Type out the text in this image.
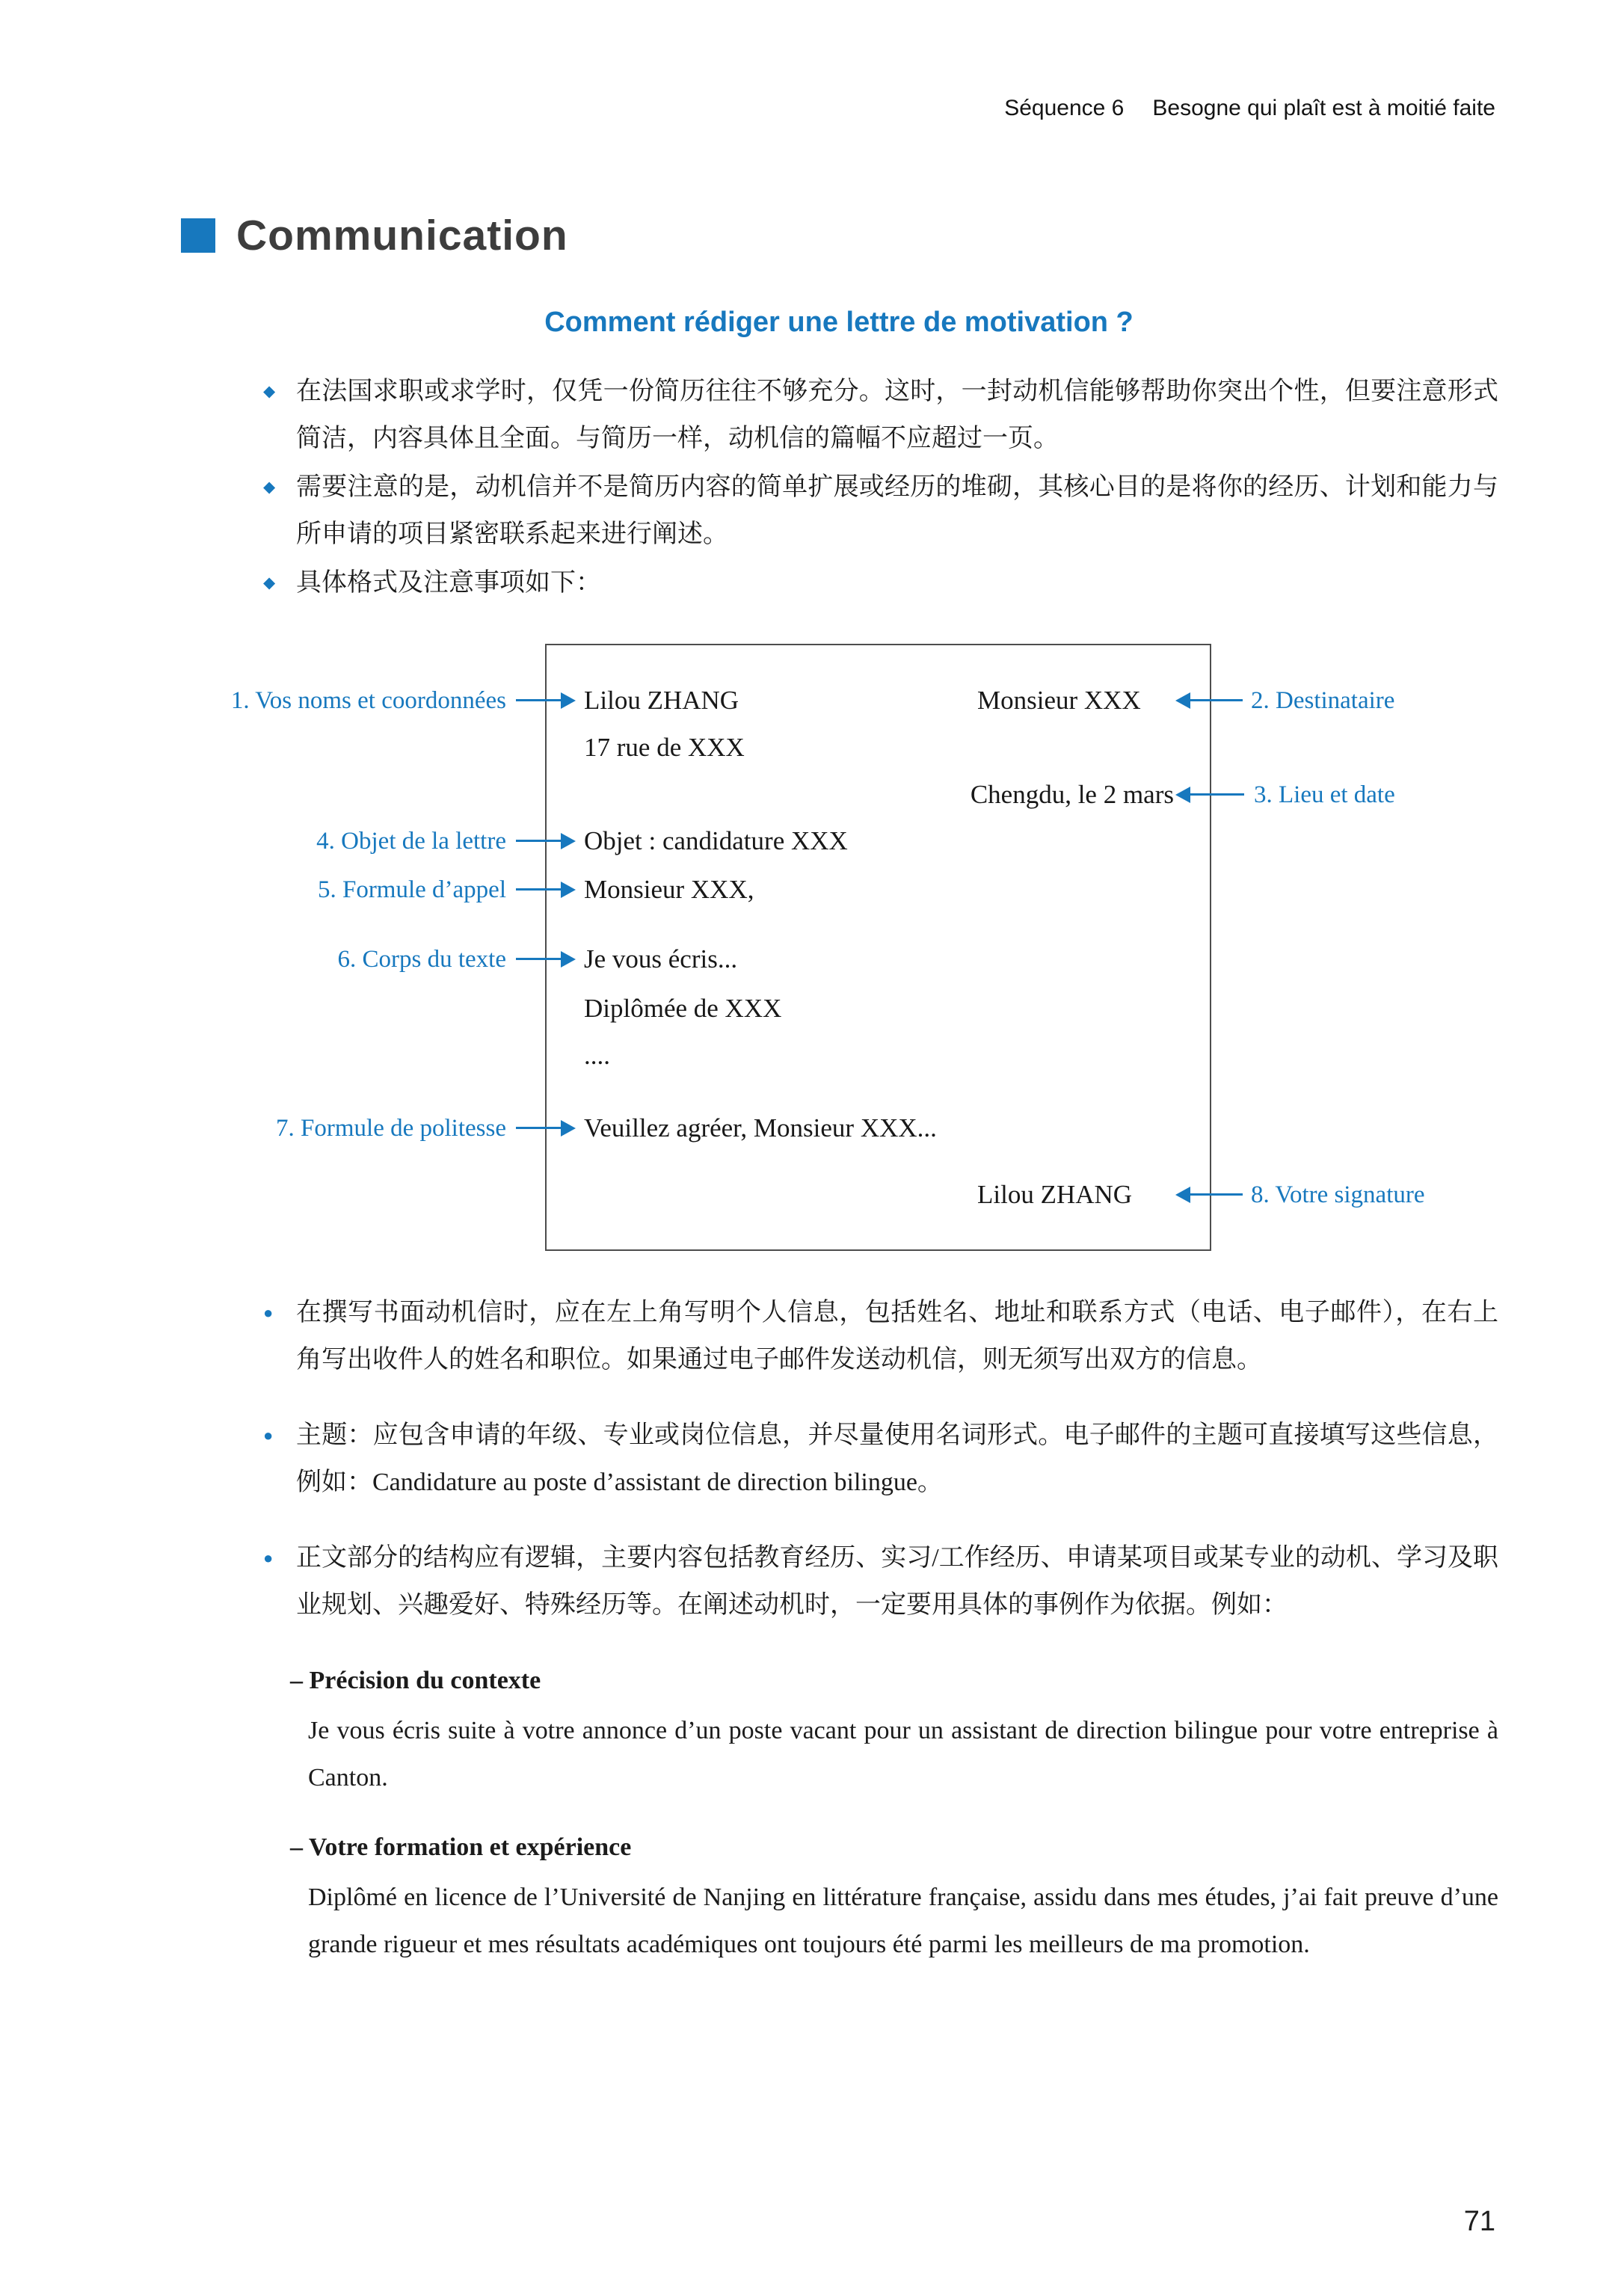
Séquence 6 Besogne qui plaît est à moitié faite
Communication
Comment rédiger une lettre de motivation ?
◆
在法国求职或求学时，仅凭一份简历往往不够充分。这时，一封动机信能够帮助你突出个性，但要注意形式简洁，内容具体且全面。与简历一样，动机信的篇幅不应超过一页。
◆
需要注意的是，动机信并不是简历内容的简单扩展或经历的堆砌，其核心目的是将你的经历、计划和能力与所申请的项目紧密联系起来进行阐述。
◆
具体格式及注意事项如下：
Lilou ZHANG	Monsieur XXX
17 rue de XXX
Chengdu, le 2 mars
Objet : candidature XXX
Monsieur XXX,
Je vous écris...
Diplômée de XXX
....
Veuillez agréer, Monsieur XXX...
Lilou ZHANG
1. Vos noms et coordonnées
4. Objet de la lettre
5. Formule d’appel
6. Corps du texte
7. Formule de politesse
2. Destinataire
3. Lieu et date
8. Votre signature
●
在撰写书面动机信时，应在左上角写明个人信息，包括姓名、地址和联系方式（电话、电子邮件），在右上角写出收件人的姓名和职位。如果通过电子邮件发送动机信，则无须写出双方的信息。
●
主题：应包含申请的年级、专业或岗位信息，并尽量使用名词形式。电子邮件的主题可直接填写这些信息，例如：Candidature au poste d’assistant de direction bilingue。
●
正文部分的结构应有逻辑，主要内容包括教育经历、实习/工作经历、申请某项目或某专业的动机、学习及职业规划、兴趣爱好、特殊经历等。在阐述动机时，一定要用具体的事例作为依据。例如：
– Précision du contexte
Je vous écris suite à votre annonce d’un poste vacant pour un assistant de direction bilingue pour votre entreprise à Canton.
– Votre formation et expérience
Diplômé en licence de l’Université de Nanjing en littérature française, assidu dans mes études, j’ai fait preuve d’une grande rigueur et mes résultats académiques ont toujours été parmi les meilleurs de ma promotion.
71
